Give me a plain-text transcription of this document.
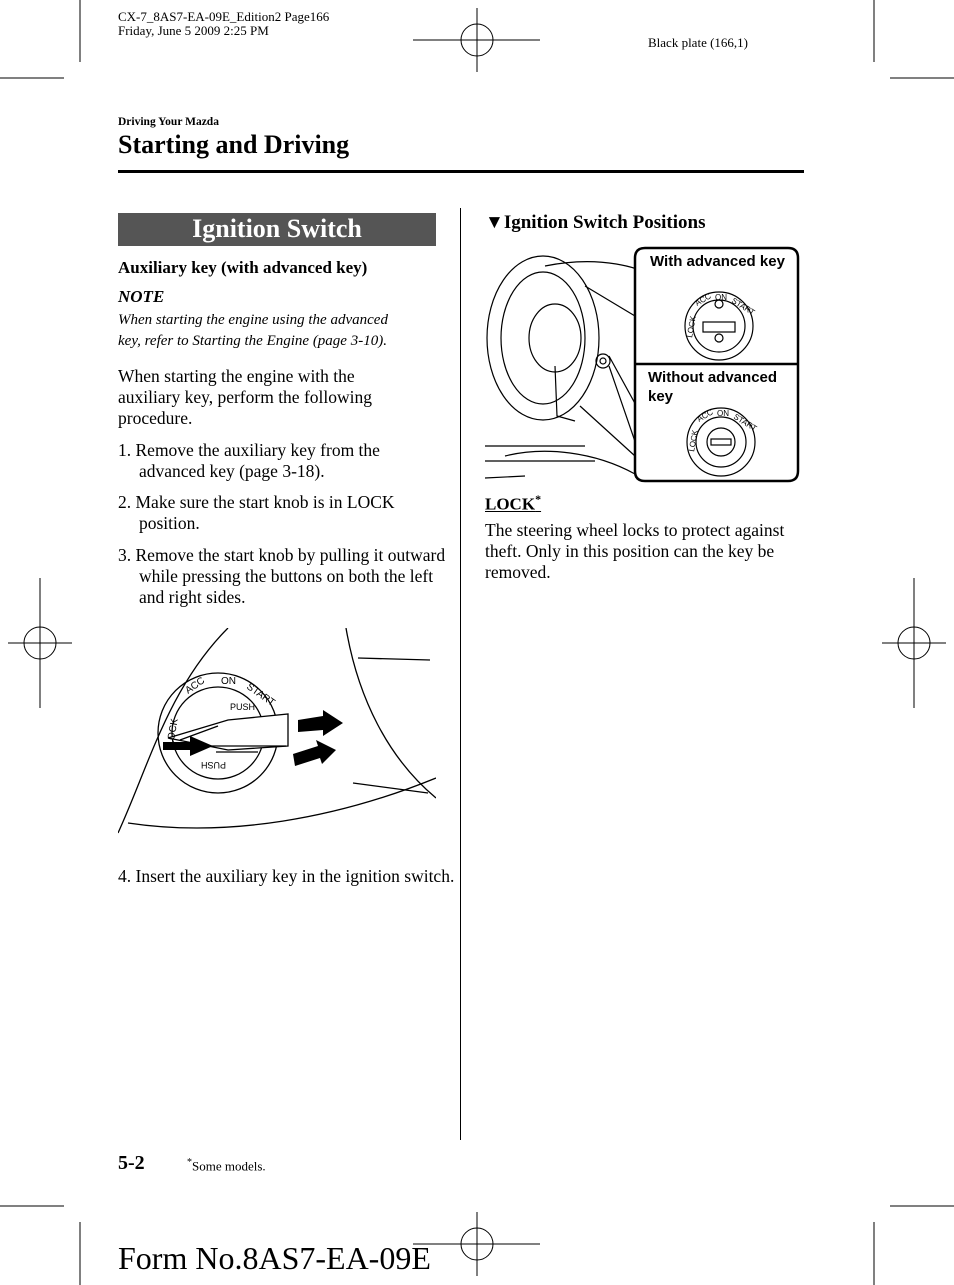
CX-7_8AS7-EA-09E_Edition2 Page166
Friday, June 5 2009 2:25 PM
Black plate (166,1)
Driving Your Mazda
Starting and Driving
Ignition Switch
Auxiliary key (with advanced key)
NOTE
When starting the engine using the advanced
key, refer to Starting the Engine (page 3-10).
When starting the engine with the auxiliary key, perform the following procedure.
1. Remove the auxiliary key from the advanced key (page 3-18).
2. Make sure the start knob is in LOCK position.
3. Remove the start knob by pulling it outward while pressing the buttons on both the left and right sides.
LOCK
ACC ON START
PUSH
PUSH
4. Insert the auxiliary key in the ignition switch.
▼Ignition Switch Positions
LOCK
ACC ON START
LOCK
ACC ON START
With advanced key
Without advanced key
LOCK*
The steering wheel locks to protect against theft. Only in this position can the key be removed.
5-2	*Some models.
Form No.8AS7-EA-09E
